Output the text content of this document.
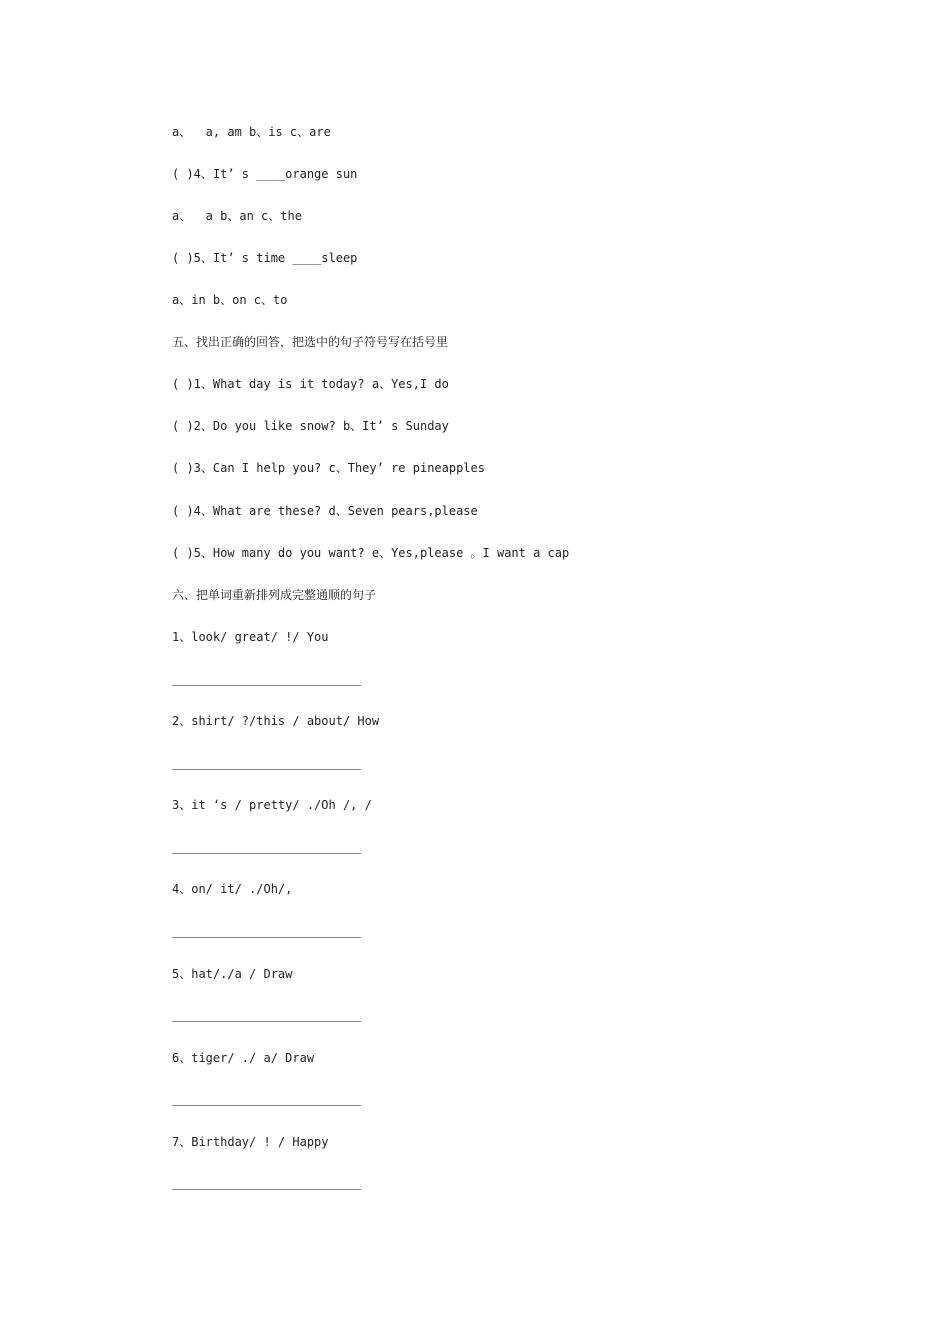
a、  a, am b、is c、are
( )4、It’ s ____orange sun
a、  a b、an c、the
( )5、It’ s time ____sleep
a、in b、on c、to
五、找出正确的回答，把选中的句子符号写在括号里
( )1、What day is it today? a、Yes,I do
( )2、Do you like snow? b、It’ s Sunday
( )3、Can I help you? c、They’ re pineapples
( )4、What are these? d、Seven pears,please
( )5、How many do you want? e、Yes,please 。I want a cap
六、把单词重新排列成完整通顺的句子
1、look/ great/ !/ You
2、shirt/ ?/this / about/ How
3、it ‘s / pretty/ ./Oh /, /
4、on/ it/ ./Oh/,
5、hat/./a / Draw
6、tiger/ ./ a/ Draw
7、Birthday/ ! / Happy
